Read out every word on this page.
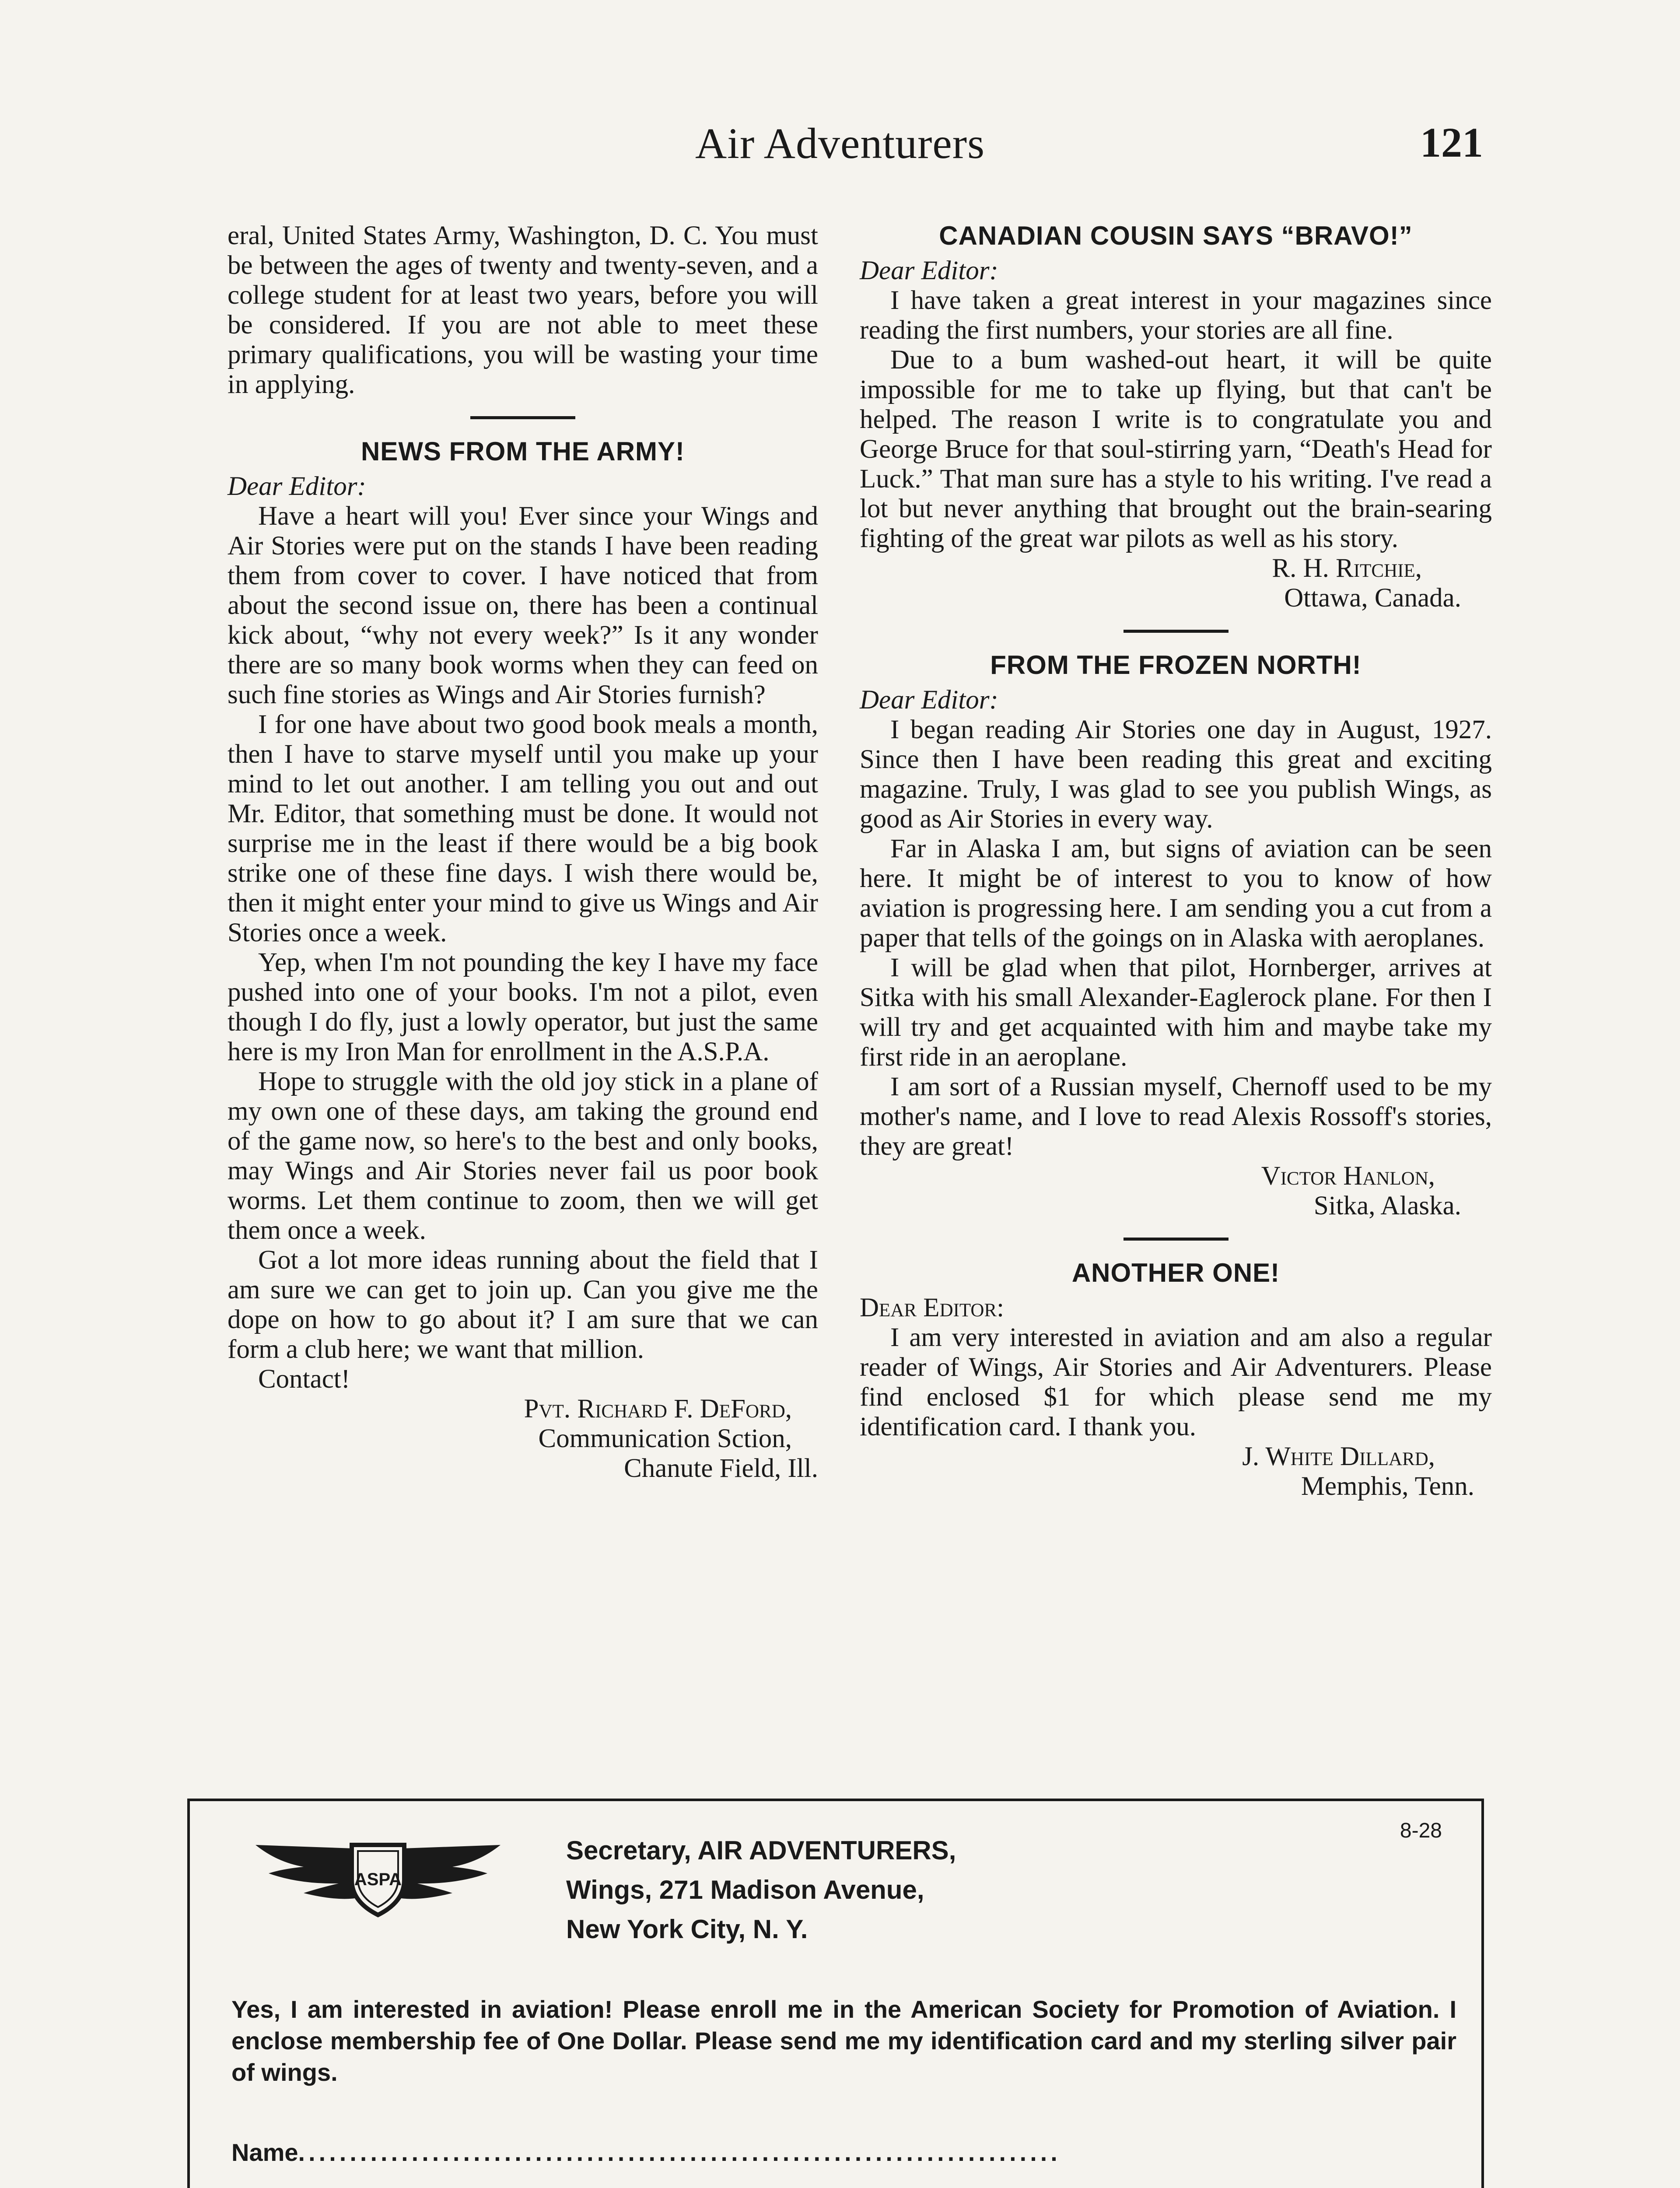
Air Adventurers	121

eral, United States Army, Washington, D. C. You must be between the ages of twenty and twenty-seven, and a college student for at least two years, before you will be considered. If you are not able to meet these primary qualifications, you will be wasting your time in applying.

NEWS FROM THE ARMY!

Dear Editor:

Have a heart will you! Ever since your Wings and Air Stories were put on the stands I have been reading them from cover to cover. I have noticed that from about the second issue on, there has been a continual kick about, “why not every week?” Is it any wonder there are so many book worms when they can feed on such fine stories as Wings and Air Stories furnish?

I for one have about two good book meals a month, then I have to starve myself until you make up your mind to let out another. I am telling you out and out Mr. Editor, that something must be done. It would not surprise me in the least if there would be a big book strike one of these fine days. I wish there would be, then it might enter your mind to give us Wings and Air Stories once a week.

Yep, when I'm not pounding the key I have my face pushed into one of your books. I'm not a pilot, even though I do fly, just a lowly operator, but just the same here is my Iron Man for enrollment in the A.S.P.A.

Hope to struggle with the old joy stick in a plane of my own one of these days, am taking the ground end of the game now, so here's to the best and only books, may Wings and Air Stories never fail us poor book worms. Let them continue to zoom, then we will get them once a week.

Got a lot more ideas running about the field that I am sure we can get to join up. Can you give me the dope on how to go about it? I am sure that we can form a club here; we want that million.

Contact!

Pvt. Richard F. DeFord,

Communication Sction,

Chanute Field, Ill.

CANADIAN COUSIN SAYS “BRAVO!”

Dear Editor:

I have taken a great interest in your magazines since reading the first numbers, your stories are all fine.

Due to a bum washed-out heart, it will be quite impossible for me to take up flying, but that can't be helped. The reason I write is to congratulate you and George Bruce for that soul-stirring yarn, “Death's Head for Luck.” That man sure has a style to his writing. I've read a lot but never anything that brought out the brain-searing fighting of the great war pilots as well as his story.

R. H. Ritchie,

Ottawa, Canada.

FROM THE FROZEN NORTH!

Dear Editor:

I began reading Air Stories one day in August, 1927. Since then I have been reading this great and exciting magazine. Truly, I was glad to see you publish Wings, as good as Air Stories in every way.

Far in Alaska I am, but signs of aviation can be seen here. It might be of interest to you to know of how aviation is progressing here. I am sending you a cut from a paper that tells of the goings on in Alaska with aeroplanes.

I will be glad when that pilot, Hornberger, arrives at Sitka with his small Alexander-Eaglerock plane. For then I will try and get acquainted with him and maybe take my first ride in an aeroplane.

I am sort of a Russian myself, Chernoff used to be my mother's name, and I love to read Alexis Rossoff's stories, they are great!

Victor Hanlon,

Sitka, Alaska.

ANOTHER ONE!

Dear Editor:

I am very interested in aviation and am also a regular reader of Wings, Air Stories and Air Adventurers. Please find enclosed $1 for which please send me my identification card. I thank you.

J. White Dillard,

Memphis, Tenn.

8-28
ASPA
Secretary, AIR ADVENTURERS,
Wings, 271 Madison Avenue,
New York City, N. Y.
Yes, I am interested in aviation! Please enroll me in the American Society for Promotion of Aviation. I enclose membership fee of One Dollar. Please send me my identification card and my sterling silver pair of wings.
Name..........................................................................
